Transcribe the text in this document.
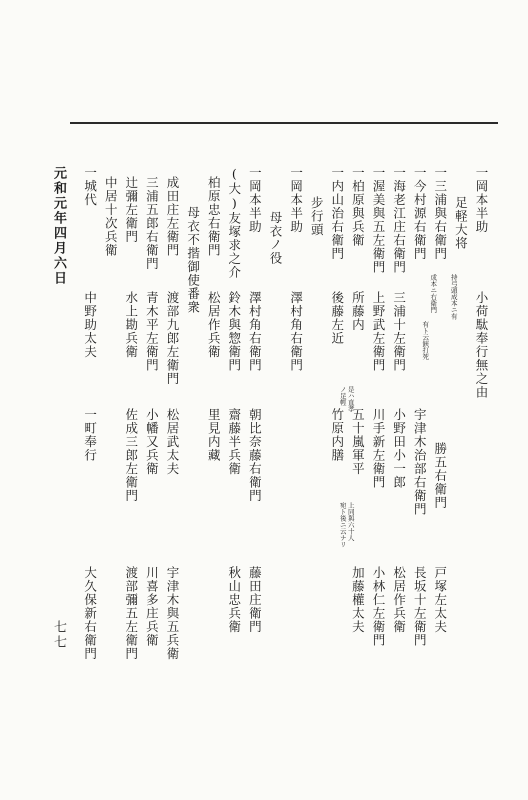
一岡本半助
小荷駄奉行無之由
足軽大将
一三浦與右衛門
勝五右衛門
戸塚左太夫
持弓頭成本ニ有
一今村源右衛門
宇津木治部右衛門
長坂十左衛門
成本ニ右衛門
有ト云鋏打死
一海老江庄右衛門
三浦十左衛門
小野田小一郎
松居作兵衛
一渥美與五左衛門
上野武左衛門
川手新左衛門
小林仁左衛門
一柏原與兵衛
所藤内
五十嵐軍平
加藤權太夫
一内山治右衛門
後藤左近
竹原内膳
是ハ直孝
ノ足輕
上同與六十人
宛ト後ニ云ナリ
步行頭
一岡本半助
澤村角右衛門
母衣ノ役
一岡本半助
澤村角右衛門
朝比奈藤右衛門
藤田庄衛門
(大)友塚求之介
鈴木與惣衛門
齋藤半兵衛
秋山忠兵衛
柏原忠右衛門
松居作兵衛
里見内藏
母衣不揩御使番衆
成田庄左衛門
渡部九郎左衛門
松居武太夫
宇津木與五兵衛
三浦五郎右衛門
青木平左衛門
小幡又兵衛
川喜多庄兵衛
辻彌左衛門
水上勘兵衛
佐成三郎左衛門
渡部彌五左衛門
中居十次兵衛
一城代
中野助太夫
一町奉行
大久保新右衛門
元和元年四月六日
七七
